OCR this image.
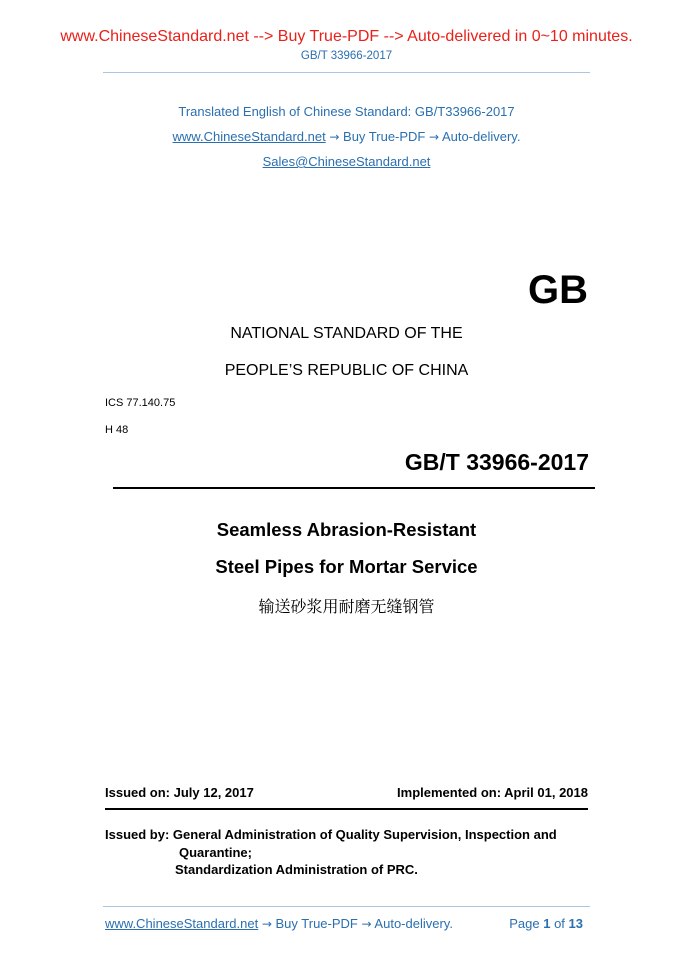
www.ChineseStandard.net --> Buy True-PDF --> Auto-delivered in 0~10 minutes.
GB/T 33966-2017
Translated English of Chinese Standard: GB/T33966-2017
www.ChineseStandard.net → Buy True-PDF → Auto-delivery.
Sales@ChineseStandard.net
GB
NATIONAL STANDARD OF THE
PEOPLE’S REPUBLIC OF CHINA
ICS 77.140.75
H 48
GB/T 33966-2017
Seamless Abrasion-Resistant
Steel Pipes for Mortar Service
输送砂浆用耐磨无缝钢管
Issued on: July 12, 2017	Implemented on: April 01, 2018
Issued by: General Administration of Quality Supervision, Inspection and
Quarantine;
Standardization Administration of PRC.
www.ChineseStandard.net → Buy True-PDF → Auto-delivery.	Page 1 of 13
